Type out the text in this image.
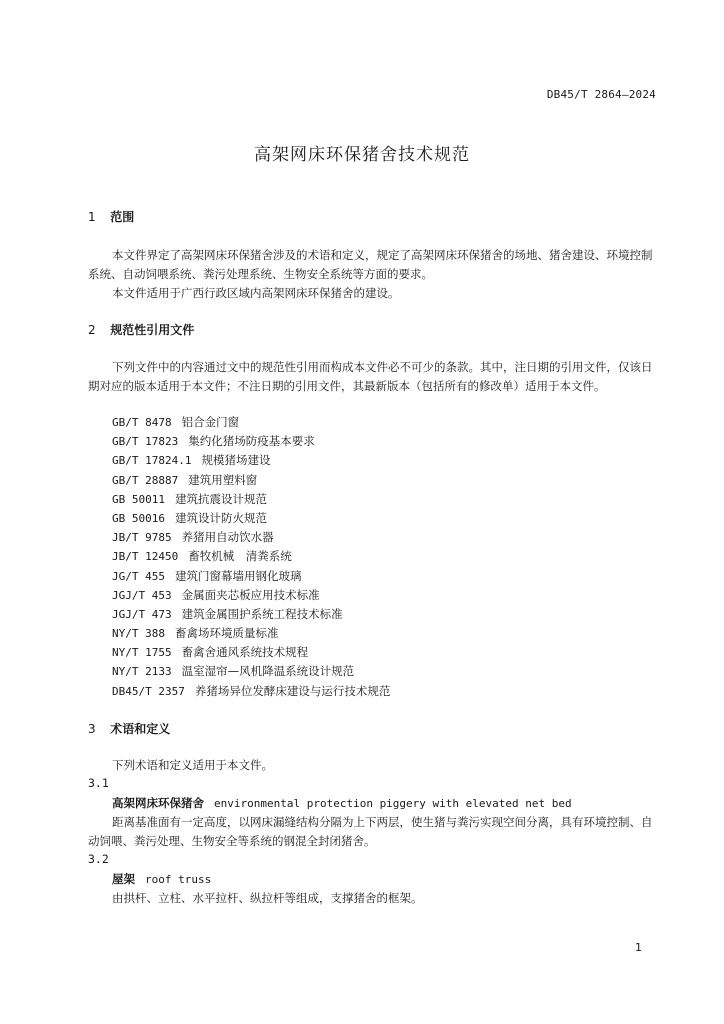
DB45/T 2864—2024
高架网床环保猪舍技术规范
1 范围
本文件界定了高架网床环保猪舍涉及的术语和定义，规定了高架网床环保猪舍的场地、猪舍建设、环境控制系统、自动饲喂系统、粪污处理系统、生物安全系统等方面的要求。
本文件适用于广西行政区域内高架网床环保猪舍的建设。
2 规范性引用文件
下列文件中的内容通过文中的规范性引用而构成本文件必不可少的条款。其中，注日期的引用文件，仅该日期对应的版本适用于本文件；不注日期的引用文件，其最新版本（包括所有的修改单）适用于本文件。
GB/T 8478 铝合金门窗
GB/T 17823 集约化猪场防疫基本要求
GB/T 17824.1 规模猪场建设
GB/T 28887 建筑用塑料窗
GB 50011 建筑抗震设计规范
GB 50016 建筑设计防火规范
JB/T 9785 养猪用自动饮水器
JB/T 12450 畜牧机械　清粪系统
JG/T 455 建筑门窗幕墙用钢化玻璃
JGJ/T 453 金属面夹芯板应用技术标准
JGJ/T 473 建筑金属围护系统工程技术标准
NY/T 388 畜禽场环境质量标准
NY/T 1755 畜禽舍通风系统技术规程
NY/T 2133 温室湿帘—风机降温系统设计规范
DB45/T 2357 养猪场异位发酵床建设与运行技术规范
3 术语和定义
下列术语和定义适用于本文件。
3.1
高架网床环保猪舍 environmental protection piggery with elevated net bed
距离基准面有一定高度，以网床漏缝结构分隔为上下两层，使生猪与粪污实现空间分离，具有环境控制、自动饲喂、粪污处理、生物安全等系统的钢混全封闭猪舍。
3.2
屋架 roof truss
由拱杆、立柱、水平拉杆、纵拉杆等组成，支撑猪舍的框架。
1
